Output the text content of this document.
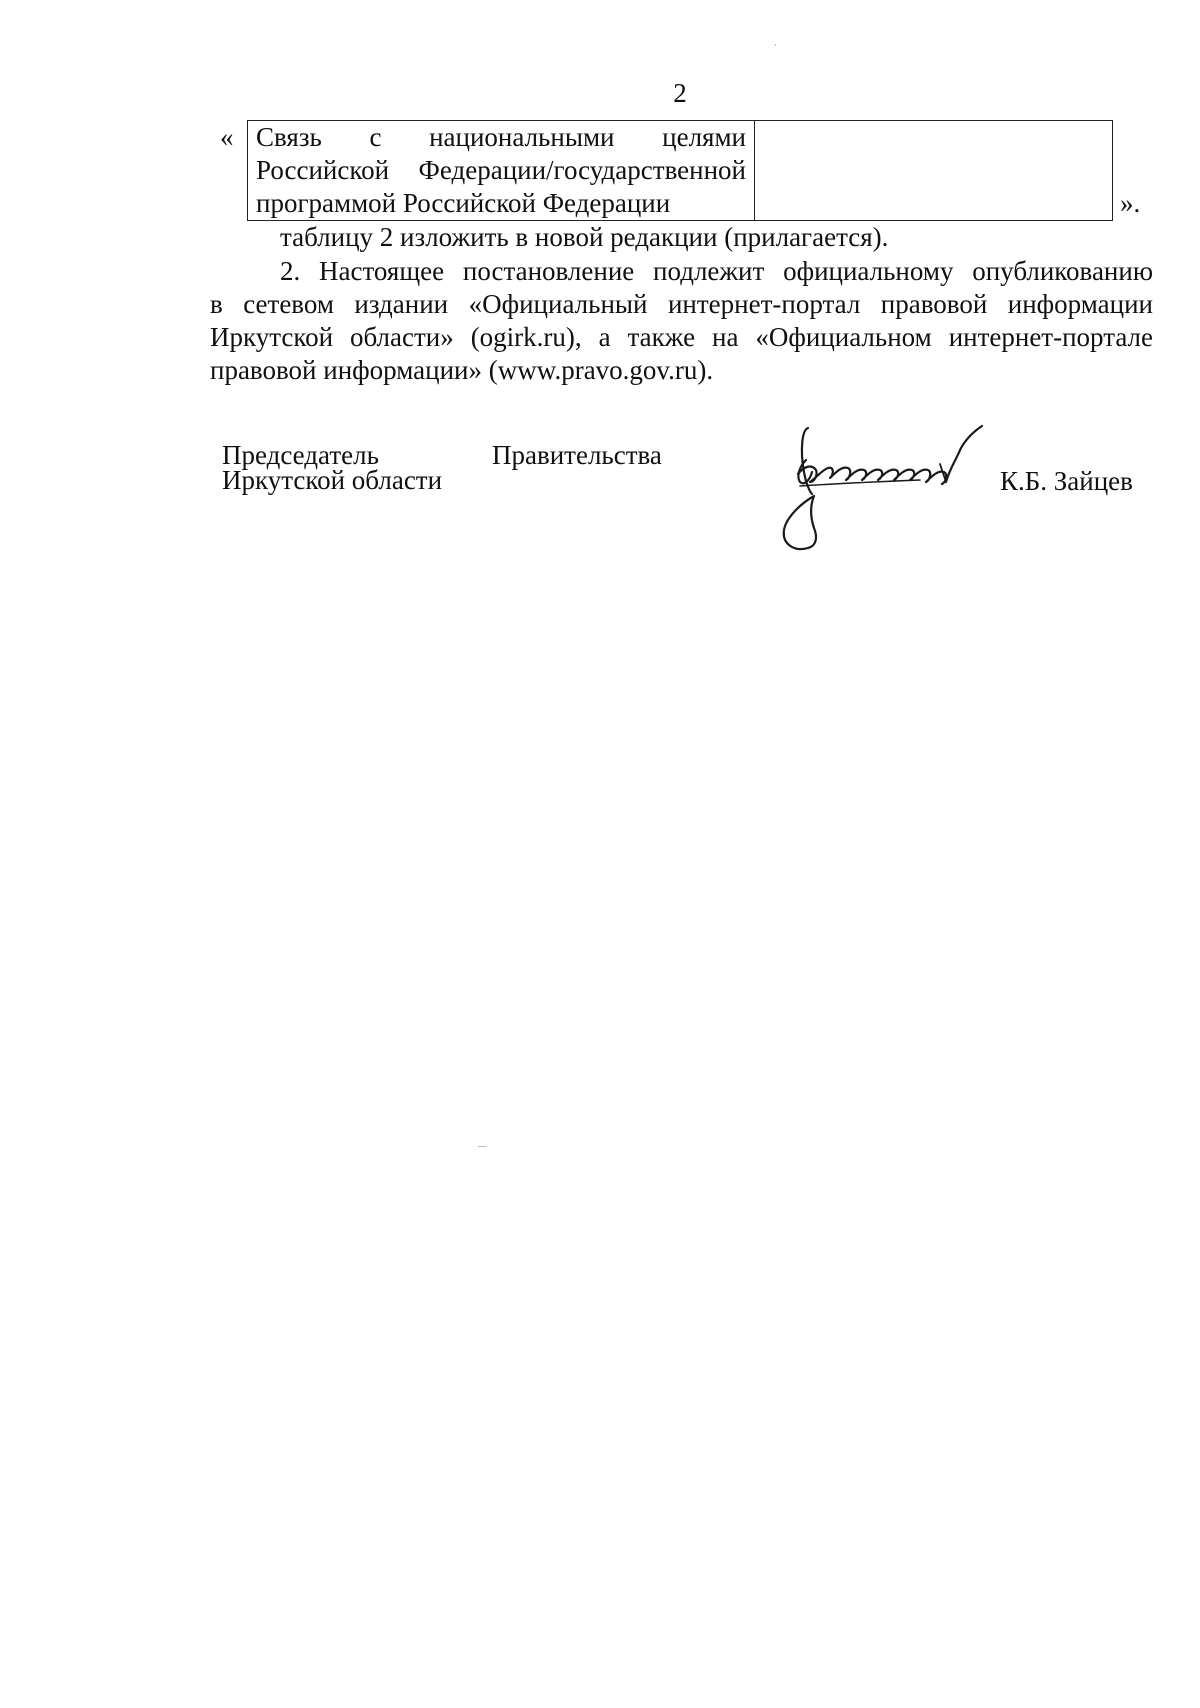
2
« Связь с национальными целями
Российской Федерации/государственной
программой Российской Федерации
		».
таблицу 2 изложить в новой редакции (прилагается).
2. Настоящее постановление подлежит официальному опубликованию
в сетевом издании «Официальный интернет-портал правовой информации
Иркутской области» (ogirk.ru), а также на «Официальном интернет-портале
правовой информации» (www.pravo.gov.ru).
Председатель	Правительства
Иркутской области	К.Б. Зайцев
